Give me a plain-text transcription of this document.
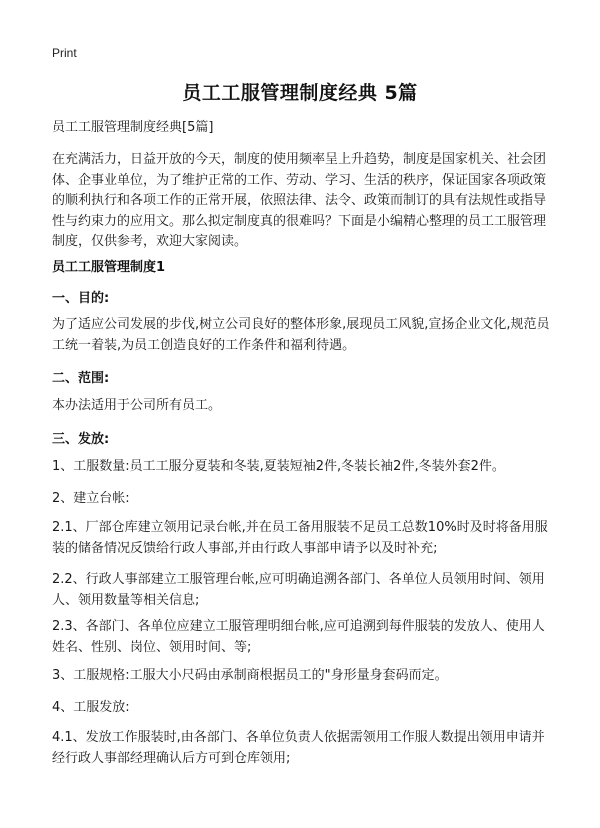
Print
员工工服管理制度经典 5篇
员工工服管理制度经典[5篇]
在充满活力，日益开放的今天，制度的使用频率呈上升趋势，制度是国家机关、社会团体、企事业单位，为了维护正常的工作、劳动、学习、生活的秩序，保证国家各项政策的顺利执行和各项工作的正常开展，依照法律、法令、政策而制订的具有法规性或指导性与约束力的应用文。那么拟定制度真的很难吗？下面是小编精心整理的员工工服管理制度，仅供参考，欢迎大家阅读。
员工工服管理制度1
一、目的:
为了适应公司发展的步伐,树立公司良好的整体形象,展现员工风貌,宣扬企业文化,规范员工统一着装,为员工创造良好的工作条件和福利待遇。
二、范围:
本办法适用于公司所有员工。
三、发放:
1、工服数量:员工工服分夏装和冬装,夏装短袖2件,冬装长袖2件,冬装外套2件。
2、建立台帐:
2.1、厂部仓库建立领用记录台帐,并在员工备用服装不足员工总数10%时及时将备用服装的储备情况反馈给行政人事部,并由行政人事部申请予以及时补充;
2.2、行政人事部建立工服管理台帐,应可明确追溯各部门、各单位人员领用时间、领用人、领用数量等相关信息;
2.3、各部门、各单位应建立工服管理明细台帐,应可追溯到每件服装的发放人、使用人姓名、性别、岗位、领用时间、等;
3、工服规格:工服大小尺码由承制商根据员工的"身形量身套码而定。
4、工服发放:
4.1、发放工作服装时,由各部门、各单位负责人依据需领用工作服人数提出领用申请并经行政人事部经理确认后方可到仓库领用;
